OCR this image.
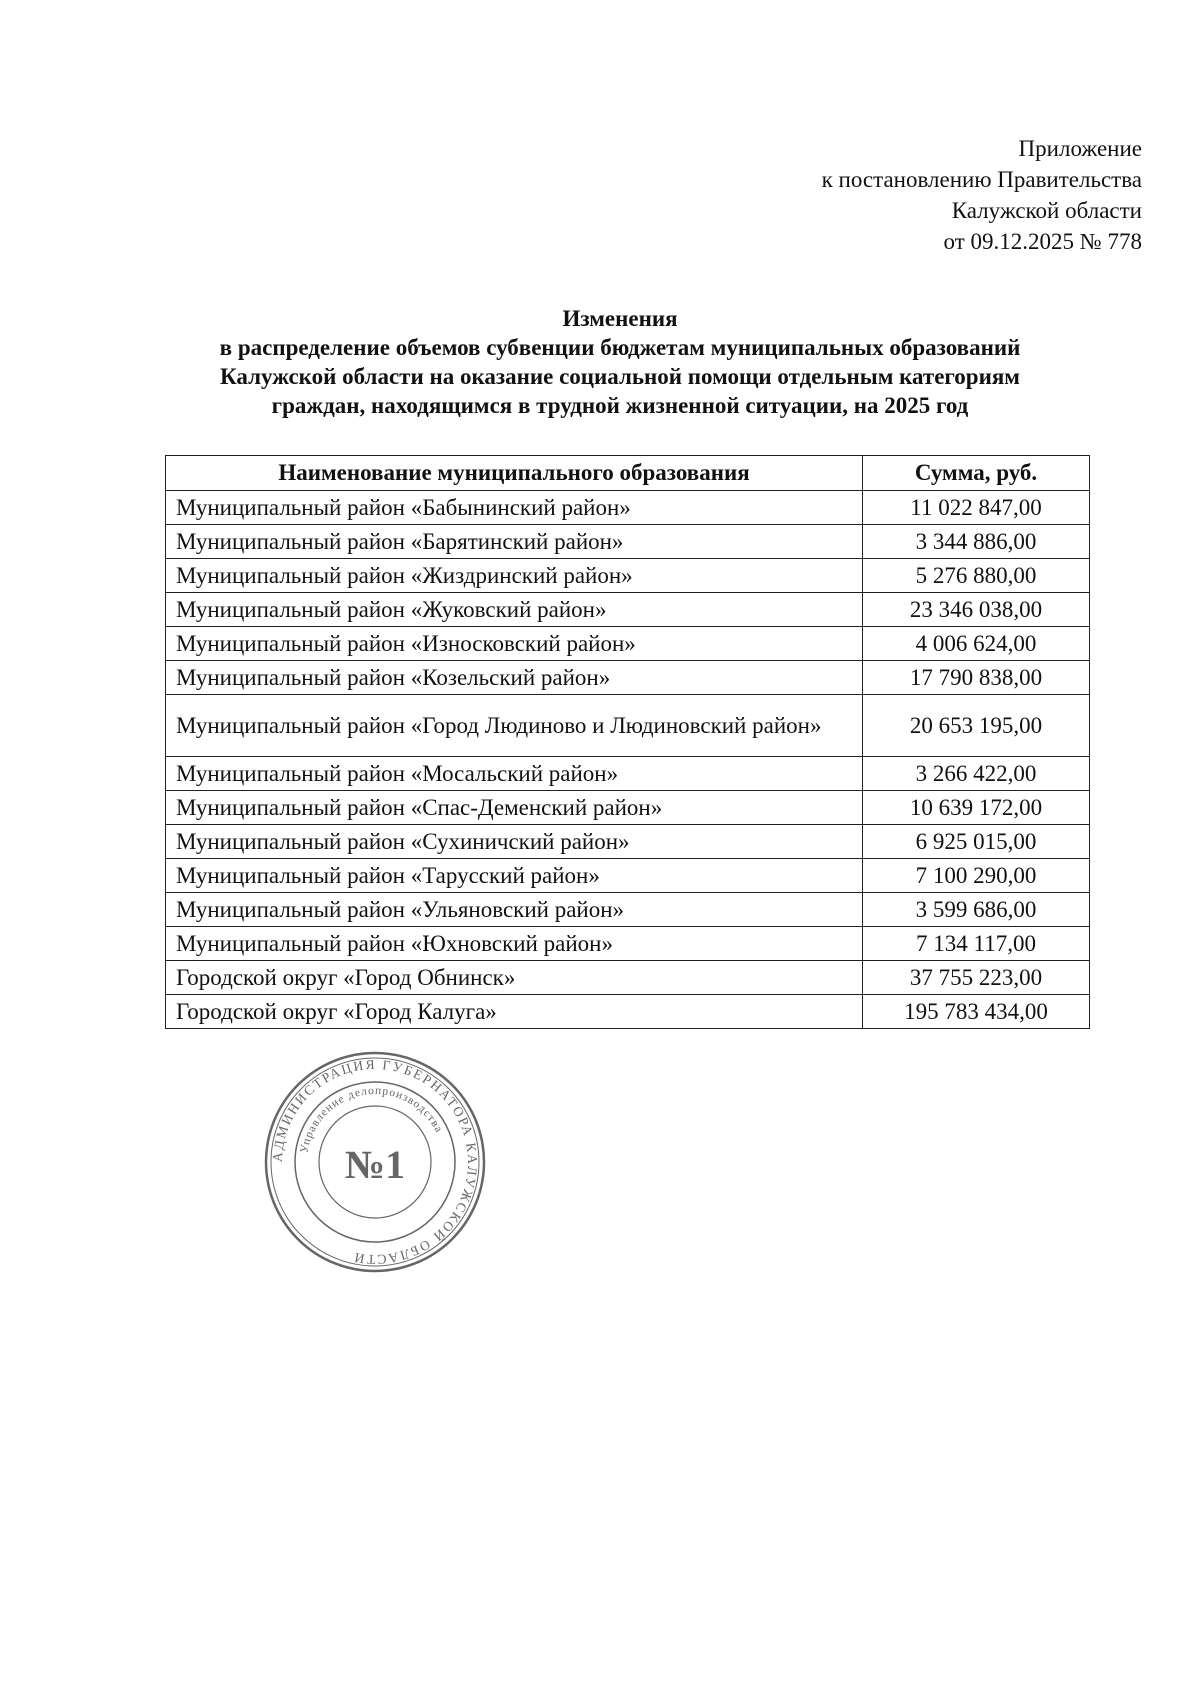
Приложение
к постановлению Правительства
Калужской области
от 09.12.2025 № 778
Изменения
в распределение объемов субвенции бюджетам муниципальных образований
Калужской области на оказание социальной помощи отдельным категориям
граждан, находящимся в трудной жизненной ситуации, на 2025 год
Наименование муниципального образования	Сумма, руб.
Муниципальный район «Бабынинский район»	11 022 847,00
Муниципальный район «Барятинский район»	3 344 886,00
Муниципальный район «Жиздринский район»	5 276 880,00
Муниципальный район «Жуковский район»	23 346 038,00
Муниципальный район «Износковский район»	4 006 624,00
Муниципальный район «Козельский район»	17 790 838,00
Муниципальный район «Город Людиново и Людиновский район»	20 653 195,00
Муниципальный район «Мосальский район»	3 266 422,00
Муниципальный район «Спас-Деменский район»	10 639 172,00
Муниципальный район «Сухиничский район»	6 925 015,00
Муниципальный район «Тарусский район»	7 100 290,00
Муниципальный район «Ульяновский район»	3 599 686,00
Муниципальный район «Юхновский район»	7 134 117,00
Городской округ «Город Обнинск»	37 755 223,00
Городской округ «Город Калуга»	195 783 434,00
АДМИНИСТРАЦИЯ ГУБЕРНАТОРА КАЛУЖСКОЙ ОБЛАСТИ
Управление делопроизводства
№1
